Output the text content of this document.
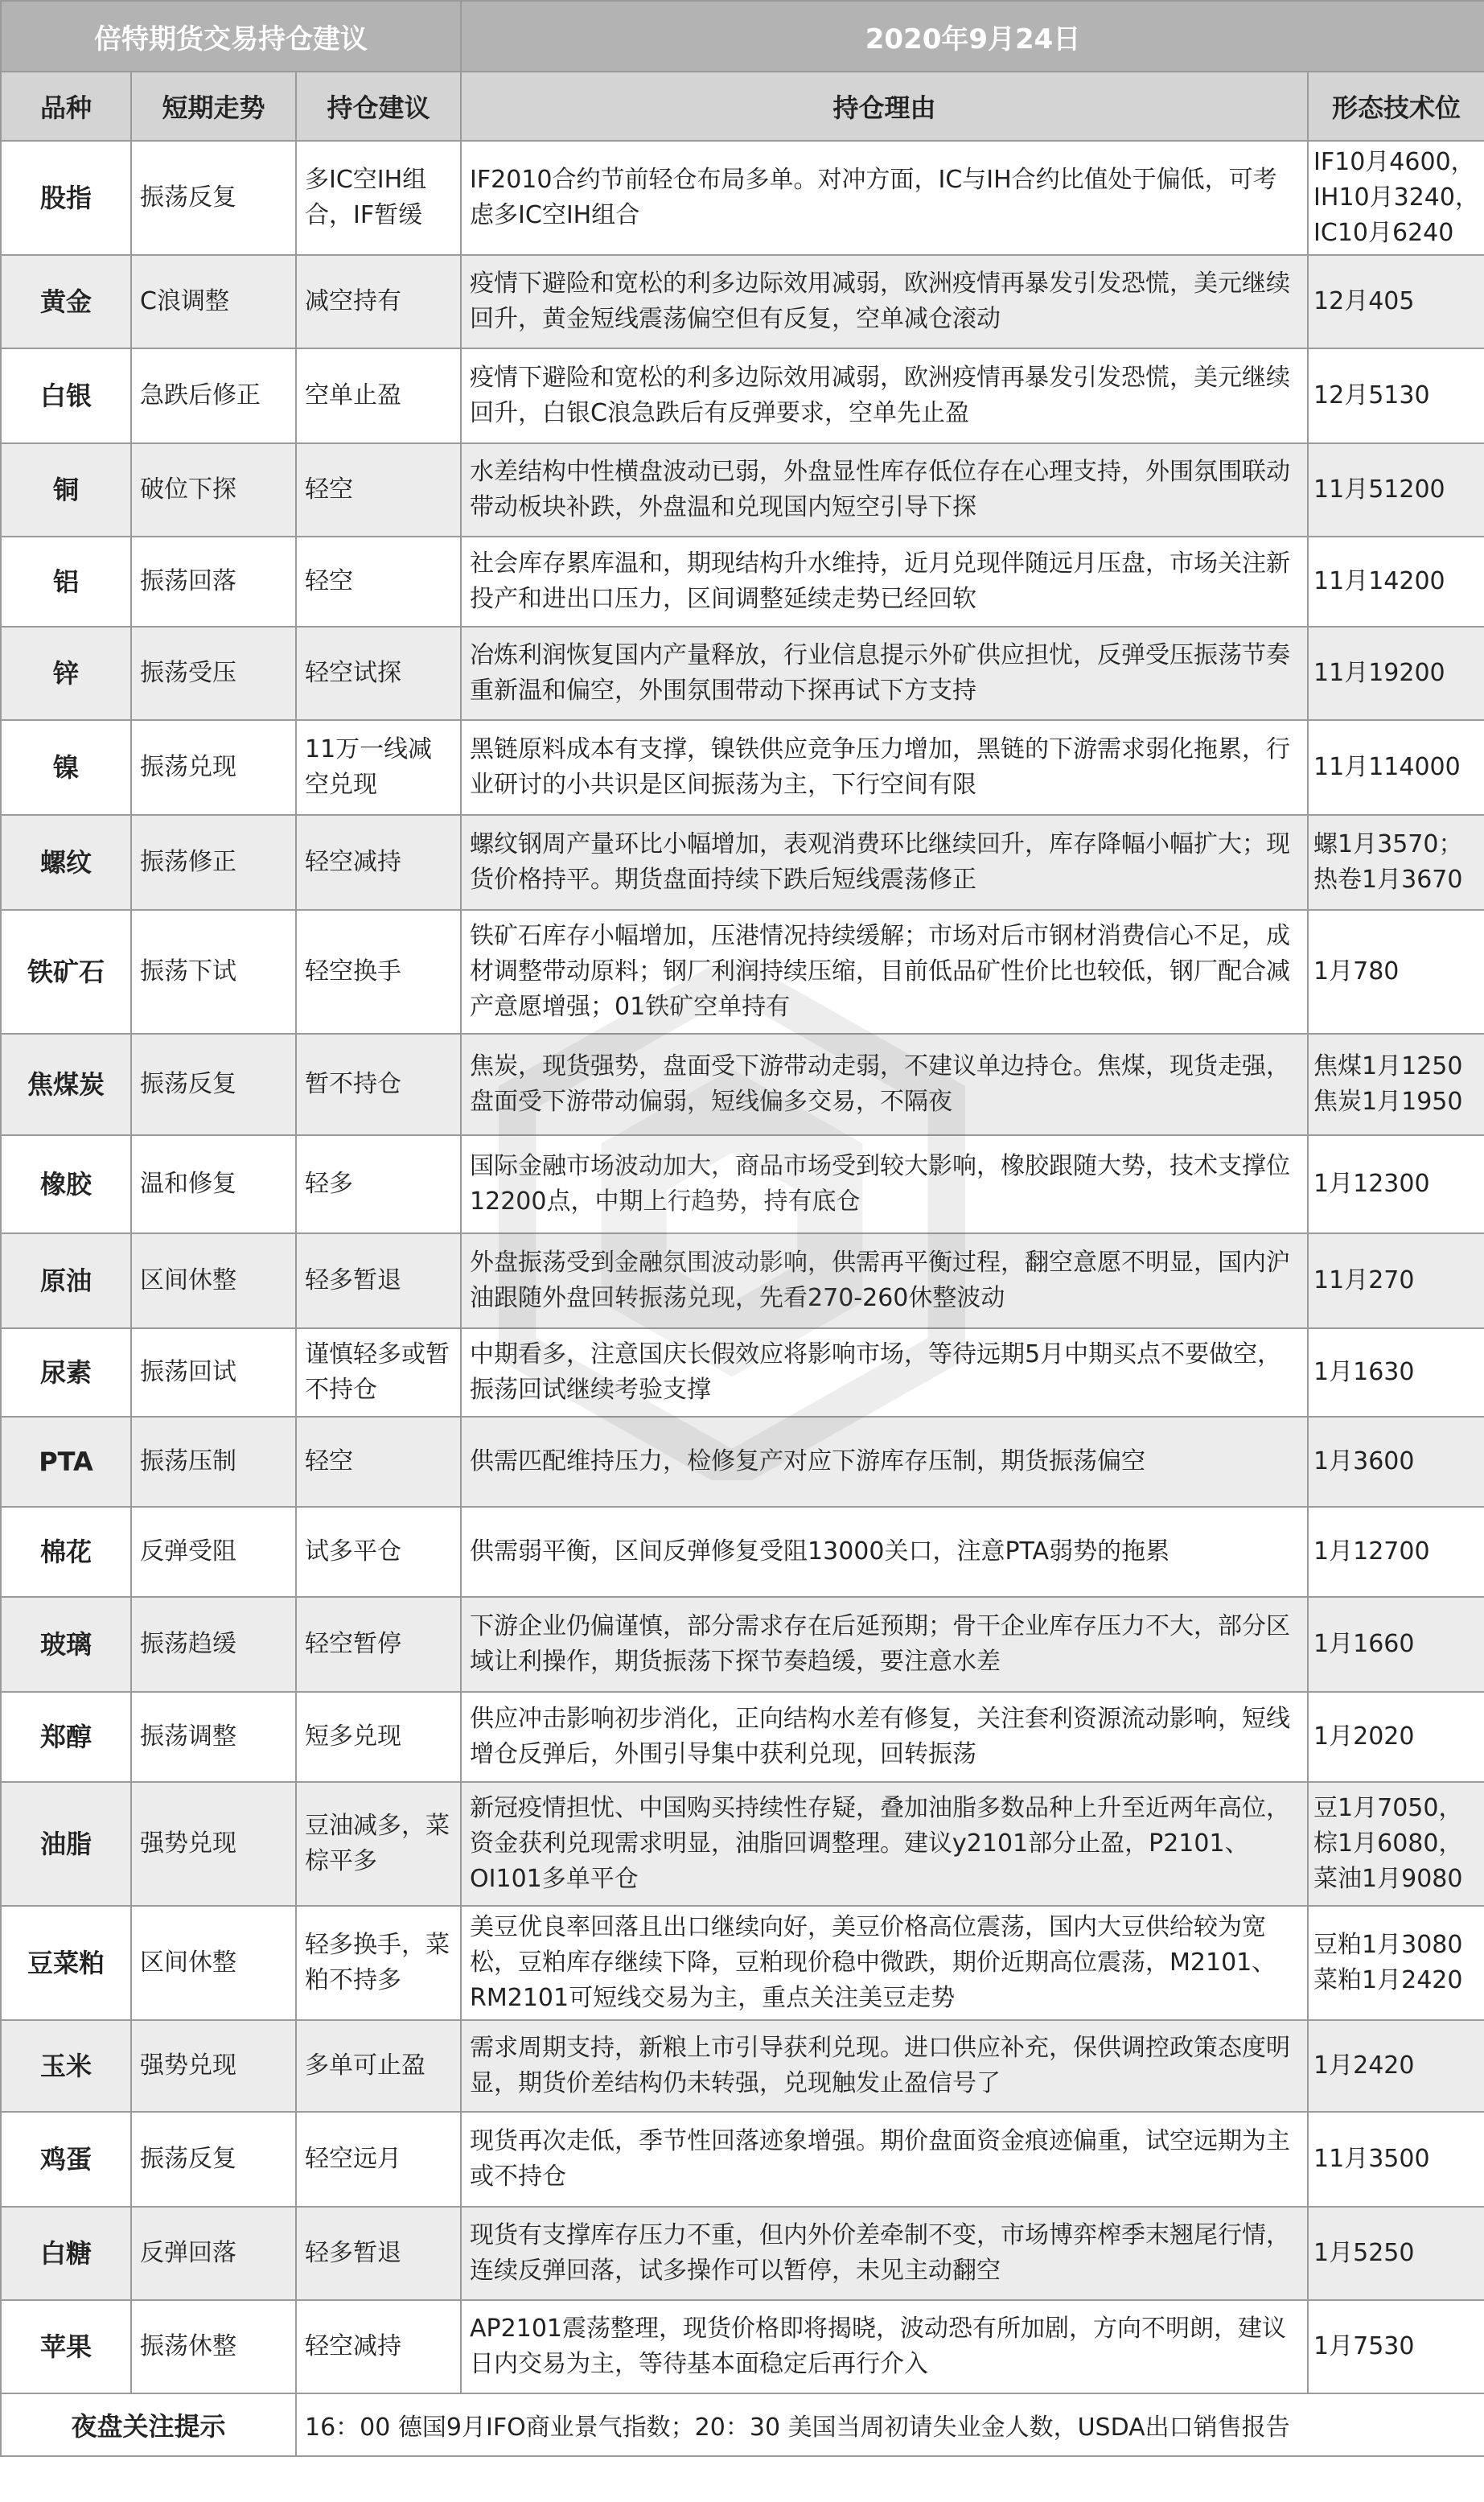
倍特期货交易持仓建议			2020年9月24日	
品种	短期走势	持仓建议	持仓理由	形态技术位
股指	振荡反复	多IC空IH组合，IF暂缓	IF2010合约节前轻仓布局多单。对冲方面，IC与IH合约比值处于偏低，可考虑多IC空IH组合	IF10月4600，
IH10月3240，
IC10月6240
黄金	C浪调整	减空持有	疫情下避险和宽松的利多边际效用减弱，欧洲疫情再暴发引发恐慌，美元继续回升，黄金短线震荡偏空但有反复，空单减仓滚动	12月405
白银	急跌后修正	空单止盈	疫情下避险和宽松的利多边际效用减弱，欧洲疫情再暴发引发恐慌，美元继续回升，白银C浪急跌后有反弹要求，空单先止盈	12月5130
铜	破位下探	轻空	水差结构中性横盘波动已弱，外盘显性库存低位存在心理支持，外围氛围联动带动板块补跌，外盘温和兑现国内短空引导下探	11月51200
铝	振荡回落	轻空	社会库存累库温和，期现结构升水维持，近月兑现伴随远月压盘，市场关注新投产和进出口压力，区间调整延续走势已经回软	11月14200
锌	振荡受压	轻空试探	冶炼利润恢复国内产量释放，行业信息提示外矿供应担忧，反弹受压振荡节奏重新温和偏空，外围氛围带动下探再试下方支持	11月19200
镍	振荡兑现	11万一线减空兑现	黑链原料成本有支撑，镍铁供应竞争压力增加，黑链的下游需求弱化拖累，行业研讨的小共识是区间振荡为主，下行空间有限	11月114000
螺纹	振荡修正	轻空减持	螺纹钢周产量环比小幅增加，表观消费环比继续回升，库存降幅小幅扩大；现货价格持平。期货盘面持续下跌后短线震荡修正	螺1月3570；
热卷1月3670
铁矿石	振荡下试	轻空换手	铁矿石库存小幅增加，压港情况持续缓解；市场对后市钢材消费信心不足，成材调整带动原料；钢厂利润持续压缩，目前低品矿性价比也较低，钢厂配合减产意愿增强；01铁矿空单持有	1月780
焦煤炭	振荡反复	暂不持仓	焦炭，现货强势，盘面受下游带动走弱，不建议单边持仓。焦煤，现货走强，盘面受下游带动偏弱，短线偏多交易，不隔夜	焦煤1月1250
焦炭1月1950
橡胶	温和修复	轻多	国际金融市场波动加大，商品市场受到较大影响，橡胶跟随大势，技术支撑位12200点，中期上行趋势，持有底仓	1月12300
原油	区间休整	轻多暂退	外盘振荡受到金融氛围波动影响，供需再平衡过程，翻空意愿不明显，国内沪油跟随外盘回转振荡兑现，先看270-260休整波动	11月270
尿素	振荡回试	谨慎轻多或暂不持仓	中期看多，注意国庆长假效应将影响市场，等待远期5月中期买点不要做空，振荡回试继续考验支撑	1月1630
PTA	振荡压制	轻空	供需匹配维持压力，检修复产对应下游库存压制，期货振荡偏空	1月3600
棉花	反弹受阻	试多平仓	供需弱平衡，区间反弹修复受阻13000关口，注意PTA弱势的拖累	1月12700
玻璃	振荡趋缓	轻空暂停	下游企业仍偏谨慎，部分需求存在后延预期；骨干企业库存压力不大，部分区域让利操作，期货振荡下探节奏趋缓，要注意水差	1月1660
郑醇	振荡调整	短多兑现	供应冲击影响初步消化，正向结构水差有修复，关注套利资源流动影响，短线增仓反弹后，外围引导集中获利兑现，回转振荡	1月2020
油脂	强势兑现	豆油减多，菜棕平多	新冠疫情担忧、中国购买持续性存疑，叠加油脂多数品种上升至近两年高位，资金获利兑现需求明显，油脂回调整理。建议y2101部分止盈，P2101、OI101多单平仓	豆1月7050，
棕1月6080，
菜油1月9080
豆菜粕	区间休整	轻多换手，菜粕不持多	美豆优良率回落且出口继续向好，美豆价格高位震荡，国内大豆供给较为宽松，豆粕库存继续下降，豆粕现价稳中微跌，期价近期高位震荡，M2101、RM2101可短线交易为主，重点关注美豆走势	豆粕1月3080
菜粕1月2420
玉米	强势兑现	多单可止盈	需求周期支持，新粮上市引导获利兑现。进口供应补充，保供调控政策态度明显，期货价差结构仍未转强，兑现触发止盈信号了	1月2420
鸡蛋	振荡反复	轻空远月	现货再次走低，季节性回落迹象增强。期价盘面资金痕迹偏重，试空远期为主或不持仓	11月3500
白糖	反弹回落	轻多暂退	现货有支撑库存压力不重，但内外价差牵制不变，市场博弈榨季末翘尾行情，连续反弹回落，试多操作可以暂停，未见主动翻空	1月5250
苹果	振荡休整	轻空减持	AP2101震荡整理，现货价格即将揭晓，波动恐有所加剧，方向不明朗，建议日内交易为主，等待基本面稳定后再行介入	1月7530
夜盘关注提示		16：00 德国9月IFO商业景气指数；20：30 美国当周初请失业金人数，USDA出口销售报告		
